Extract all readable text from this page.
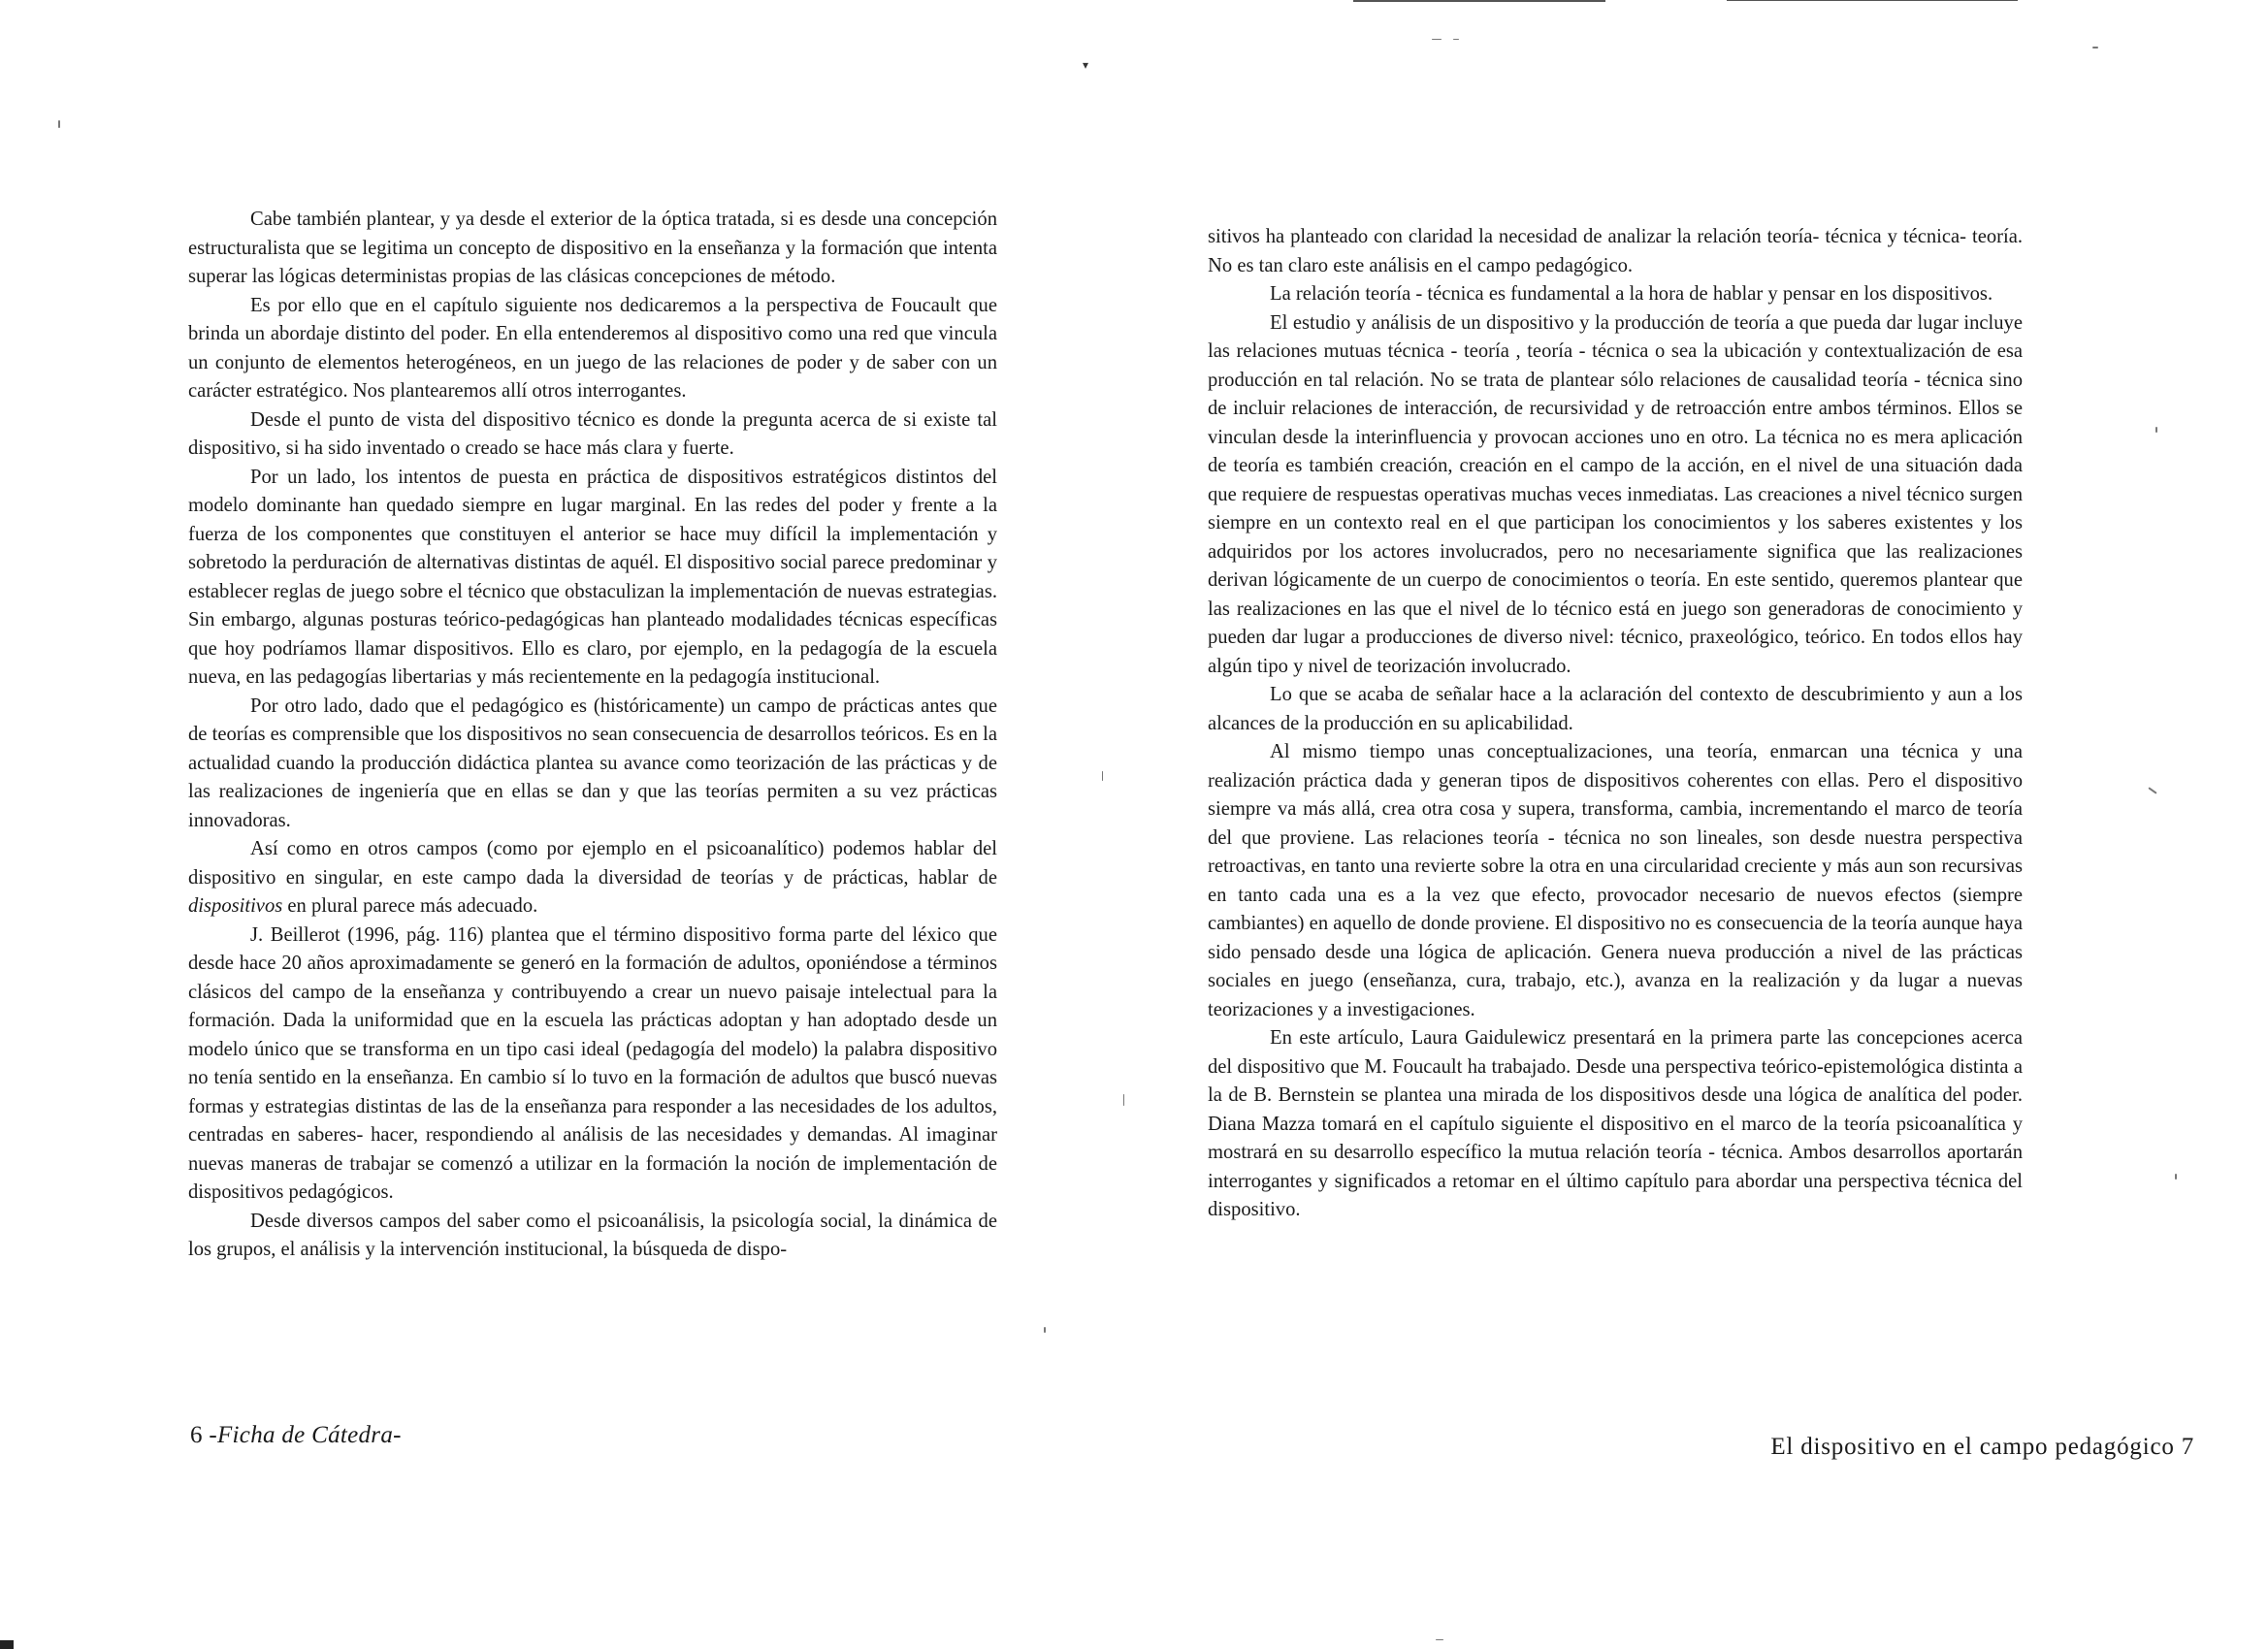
▾

Cabe también plantear, y ya desde el exterior de la óptica tratada, si es desde una concepción estructuralista que se legitima un concepto de dispositivo en la enseñanza y la formación que intenta superar las lógicas deterministas propias de las clásicas concepciones de método.

Es por ello que en el capítulo siguiente nos dedicaremos a la perspectiva de Foucault que brinda un abordaje distinto del poder. En ella entenderemos al dispositivo como una red que vincula un conjunto de elementos heterogéneos, en un juego de las relaciones de poder y de saber con un carácter estratégico. Nos plantearemos allí otros interrogantes.

Desde el punto de vista del dispositivo técnico es donde la pregunta acerca de si existe tal dispositivo, si ha sido inventado o creado se hace más clara y fuerte.

Por un lado, los intentos de puesta en práctica de dispositivos estratégicos distintos del modelo dominante han quedado siempre en lugar marginal. En las redes del poder y frente a la fuerza de los componentes que constituyen el anterior se hace muy difícil la implementación y sobretodo la perduración de alternativas distintas de aquél. El dispositivo social parece predominar y establecer reglas de juego sobre el técnico que obstaculizan la implementación de nuevas estrategias. Sin embargo, algunas posturas teórico-pedagógicas han planteado modalidades técnicas específicas que hoy podríamos llamar dispositivos. Ello es claro, por ejemplo, en la pedagogía de la escuela nueva, en las pedagogías libertarias y más recientemente en la pedagogía institucional.

Por otro lado, dado que el pedagógico es (históricamente) un campo de prácticas antes que de teorías es comprensible que los dispositivos no sean consecuencia de desarrollos teóricos. Es en la actualidad cuando la producción didáctica plantea su avance como teorización de las prácticas y de las realizaciones de ingeniería que en ellas se dan y que las teorías permiten a su vez prácticas innovadoras.

Así como en otros campos (como por ejemplo en el psicoanalítico) podemos hablar del dispositivo en singular, en este campo dada la diversidad de teorías y de prácticas, hablar de dispositivos en plural parece más adecuado.

J. Beillerot (1996, pág. 116) plantea que el término dispositivo forma parte del léxico que desde hace 20 años aproximadamente se generó en la formación de adultos, oponiéndose a términos clásicos del campo de la enseñanza y contribuyendo a crear un nuevo paisaje intelectual para la formación. Dada la uniformidad que en la escuela las prácticas adoptan y han adoptado desde un modelo único que se transforma en un tipo casi ideal (pedagogía del modelo) la palabra dispositivo no tenía sentido en la enseñanza. En cambio sí lo tuvo en la formación de adultos que buscó nuevas formas y estrategias distintas de las de la enseñanza para responder a las necesidades de los adultos, centradas en saberes- hacer, respondiendo al análisis de las necesidades y demandas. Al imaginar nuevas maneras de trabajar se comenzó a utilizar en la formación la noción de implementación de dispositivos pedagógicos.

Desde diversos campos del saber como el psicoanálisis, la psicología social, la dinámica de los grupos, el análisis y la intervención institucional, la búsqueda de dispo-

6 -Ficha de Cátedra-

sitivos ha planteado con claridad la necesidad de analizar la relación teoría- técnica y técnica- teoría. No es tan claro este análisis en el campo pedagógico.

La relación teoría - técnica es fundamental a la hora de hablar y pensar en los dispositivos.

El estudio y análisis de un dispositivo y la producción de teoría a que pueda dar lugar incluye las relaciones mutuas técnica - teoría , teoría - técnica o sea la ubicación y contextualización de esa producción en tal relación. No se trata de plantear sólo relaciones de causalidad teoría - técnica sino de incluir relaciones de interacción, de recursividad y de retroacción entre ambos términos. Ellos se vinculan desde la interinfluencia y provocan acciones uno en otro. La técnica no es mera aplicación de teoría es también creación, creación en el campo de la acción, en el nivel de una situación dada que requiere de respuestas operativas muchas veces inmediatas. Las creaciones a nivel técnico surgen siempre en un contexto real en el que participan los conocimientos y los saberes existentes y los adquiridos por los actores involucrados, pero no necesariamente significa que las realizaciones derivan lógicamente de un cuerpo de conocimientos o teoría. En este sentido, queremos plantear que las realizaciones en las que el nivel de lo técnico está en juego son generadoras de conocimiento y pueden dar lugar a producciones de diverso nivel: técnico, praxeológico, teórico. En todos ellos hay algún tipo y nivel de teorización involucrado.

Lo que se acaba de señalar hace a la aclaración del contexto de descubrimiento y aun a los alcances de la producción en su aplicabilidad.

Al mismo tiempo unas conceptualizaciones, una teoría, enmarcan una técnica y una realización práctica dada y generan tipos de dispositivos coherentes con ellas. Pero el dispositivo siempre va más allá, crea otra cosa y supera, transforma, cambia, incrementando el marco de teoría del que proviene. Las relaciones teoría - técnica no son lineales, son desde nuestra perspectiva retroactivas, en tanto una revierte sobre la otra en una circularidad creciente y más aun son recursivas en tanto cada una es a la vez que efecto, provocador necesario de nuevos efectos (siempre cambiantes) en aquello de donde proviene. El dispositivo no es consecuencia de la teoría aunque haya sido pensado desde una lógica de aplicación. Genera nueva producción a nivel de las prácticas sociales en juego (enseñanza, cura, trabajo, etc.), avanza en la realización y da lugar a nuevas teorizaciones y a investigaciones.

En este artículo, Laura Gaidulewicz presentará en la primera parte las concepciones acerca del dispositivo que M. Foucault ha trabajado. Desde una perspectiva teórico-epistemológica distinta a la de B. Bernstein se plantea una mirada de los dispositivos desde una lógica de analítica del poder. Diana Mazza tomará en el capítulo siguiente el dispositivo en el marco de la teoría psicoanalítica y mostrará en su desarrollo específico la mutua relación teoría - técnica. Ambos desarrollos aportarán interrogantes y significados a retomar en el último capítulo para abordar una perspectiva técnica del dispositivo.

El dispositivo en el campo pedagógico 7
